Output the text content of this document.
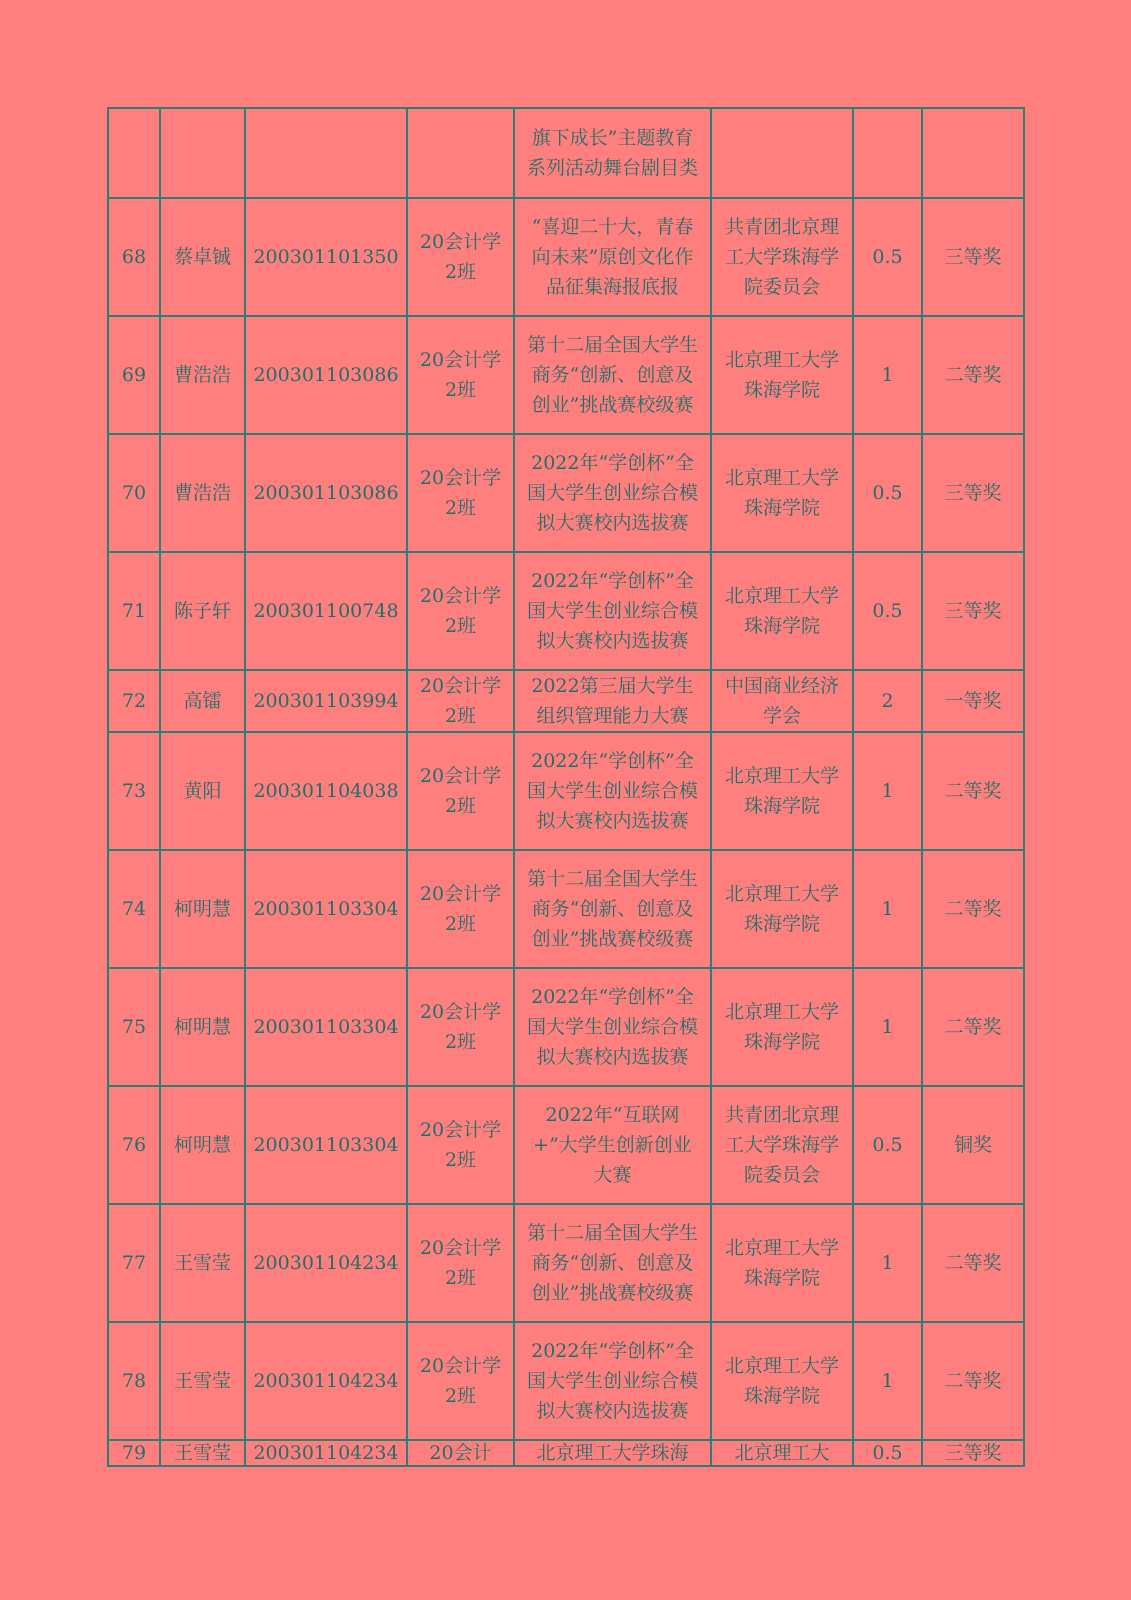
				旗下成长”主题教育系列活动舞台剧目类			
68	蔡卓铖	200301101350	20会计学2班	“喜迎二十大，青春向未来”原创文化作品征集海报底报	共青团北京理工大学珠海学院委员会	0.5	三等奖
69	曹浩浩	200301103086	20会计学2班	第十二届全国大学生商务“创新、创意及创业”挑战赛校级赛	北京理工大学珠海学院	1	二等奖
70	曹浩浩	200301103086	20会计学2班	2022年“学创杯”全国大学生创业综合模拟大赛校内选拔赛	北京理工大学珠海学院	0.5	三等奖
71	陈子轩	200301100748	20会计学2班	2022年“学创杯”全国大学生创业综合模拟大赛校内选拔赛	北京理工大学珠海学院	0.5	三等奖
72	高镭	200301103994	20会计学2班	2022第三届大学生组织管理能力大赛	中国商业经济学会	2	一等奖
73	黄阳	200301104038	20会计学2班	2022年“学创杯”全国大学生创业综合模拟大赛校内选拔赛	北京理工大学珠海学院	1	二等奖
74	柯明慧	200301103304	20会计学2班	第十二届全国大学生商务“创新、创意及创业”挑战赛校级赛	北京理工大学珠海学院	1	二等奖
75	柯明慧	200301103304	20会计学2班	2022年“学创杯”全国大学生创业综合模拟大赛校内选拔赛	北京理工大学珠海学院	1	二等奖
76	柯明慧	200301103304	20会计学2班	2022年“互联网+”大学生创新创业大赛	共青团北京理工大学珠海学院委员会	0.5	铜奖
77	王雪莹	200301104234	20会计学2班	第十二届全国大学生商务“创新、创意及创业”挑战赛校级赛	北京理工大学珠海学院	1	二等奖
78	王雪莹	200301104234	20会计学2班	2022年“学创杯”全国大学生创业综合模拟大赛校内选拔赛	北京理工大学珠海学院	1	二等奖
79	王雪莹	200301104234	20会计	北京理工大学珠海	北京理工大	0.5	三等奖
